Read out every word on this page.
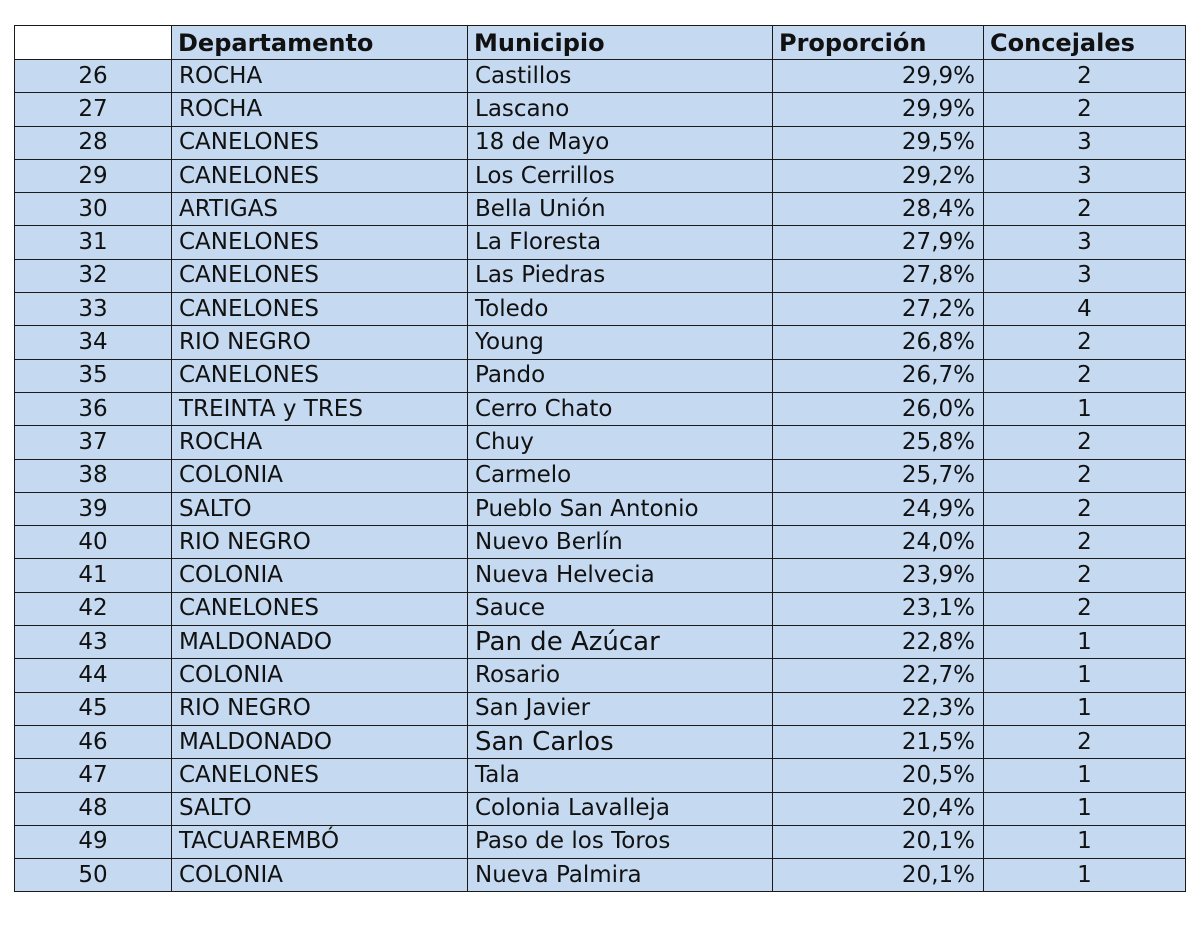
	Departamento	Municipio	Proporción	Concejales
26	ROCHA	Castillos	29,9%	2
27	ROCHA	Lascano	29,9%	2
28	CANELONES	18 de Mayo	29,5%	3
29	CANELONES	Los Cerrillos	29,2%	3
30	ARTIGAS	Bella Unión	28,4%	2
31	CANELONES	La Floresta	27,9%	3
32	CANELONES	Las Piedras	27,8%	3
33	CANELONES	Toledo	27,2%	4
34	RIO NEGRO	Young	26,8%	2
35	CANELONES	Pando	26,7%	2
36	TREINTA y TRES	Cerro Chato	26,0%	1
37	ROCHA	Chuy	25,8%	2
38	COLONIA	Carmelo	25,7%	2
39	SALTO	Pueblo San Antonio	24,9%	2
40	RIO NEGRO	Nuevo Berlín	24,0%	2
41	COLONIA	Nueva Helvecia	23,9%	2
42	CANELONES	Sauce	23,1%	2
43	MALDONADO	Pan de Azúcar	22,8%	1
44	COLONIA	Rosario	22,7%	1
45	RIO NEGRO	San Javier	22,3%	1
46	MALDONADO	San Carlos	21,5%	2
47	CANELONES	Tala	20,5%	1
48	SALTO	Colonia Lavalleja	20,4%	1
49	TACUAREMBÓ	Paso de los Toros	20,1%	1
50	COLONIA	Nueva Palmira	20,1%	1
